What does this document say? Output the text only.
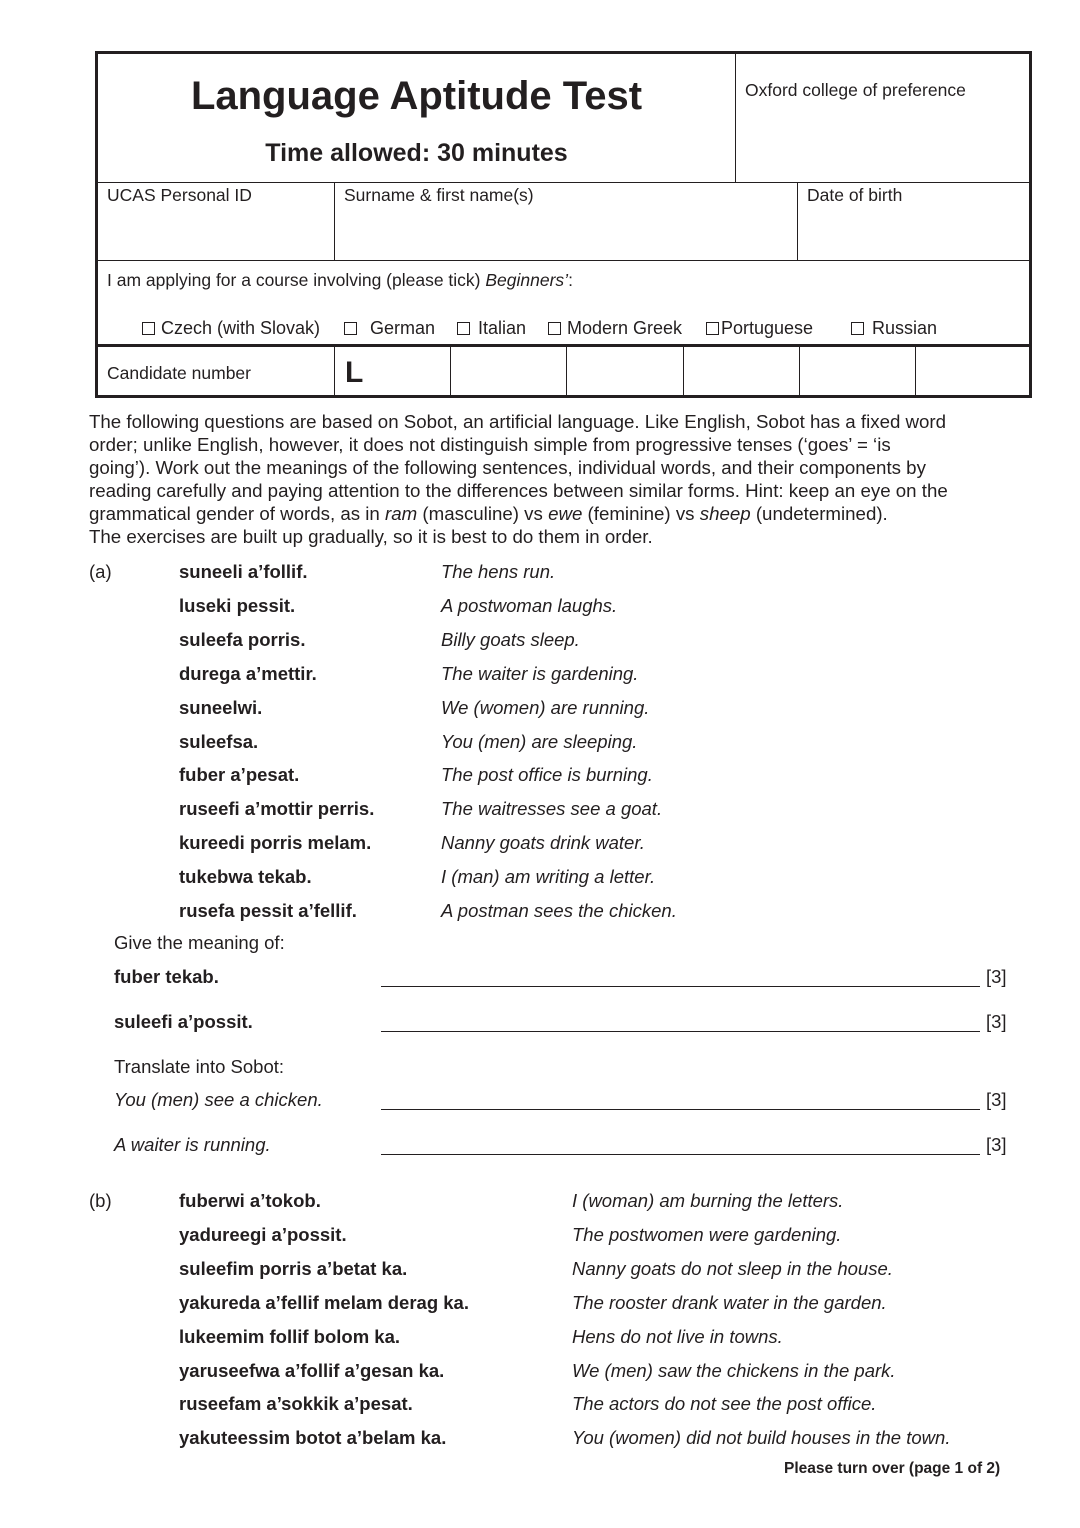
Language Aptitude Test
Time allowed: 30 minutes
Oxford college of preference
UCAS Personal ID	Surname & first name(s)	Date of birth
I am applying for a course involving (please tick) Beginners’:
Czech (with Slovak)	German Italian Modern Greek Portuguese	Russian
Candidate number	L

The following questions are based on Sobot, an artificial language. Like English, Sobot has a fixed word

order; unlike English, however, it does not distinguish simple from progressive tenses (‘goes’ = ‘is

going’). Work out the meanings of the following sentences, individual words, and their components by

reading carefully and paying attention to the differences between similar forms. Hint: keep an eye on the

grammatical gender of words, as in ram (masculine) vs ewe (feminine) vs sheep (undetermined).

The exercises are built up gradually, so it is best to do them in order.

(a)	suneeli a’follif.	The hens run.
luseki pessit.	A postwoman laughs.
suleefa porris.	Billy goats sleep.
durega a’mettir.	The waiter is gardening.
suneelwi.	We (women) are running.
suleefsa.	You (men) are sleeping.
fuber a’pesat.	The post office is burning.
ruseefi a’mottir perris.	The waitresses see a goat.
kureedi porris melam.	Nanny goats drink water.
tukebwa tekab.	I (man) am writing a letter.
rusefa pessit a’fellif.	A postman sees the chicken.
Give the meaning of:
fuber tekab.	[3]
suleefi a’possit.	[3]
Translate into Sobot:
You (men) see a chicken.	[3]
A waiter is running.	[3]
(b)	fuberwi a’tokob.	I (woman) am burning the letters.
yadureegi a’possit.	The postwomen were gardening.
suleefim porris a’betat ka.	Nanny goats do not sleep in the house.
yakureda a’fellif melam derag ka.	The rooster drank water in the garden.
lukeemim follif bolom ka.	Hens do not live in towns.
yaruseefwa a’follif a’gesan ka.	We (men) saw the chickens in the park.
ruseefam a’sokkik a’pesat.	The actors do not see the post office.
yakuteessim botot a’belam ka.	You (women) did not build houses in the town.
Please turn over (page 1 of 2)
